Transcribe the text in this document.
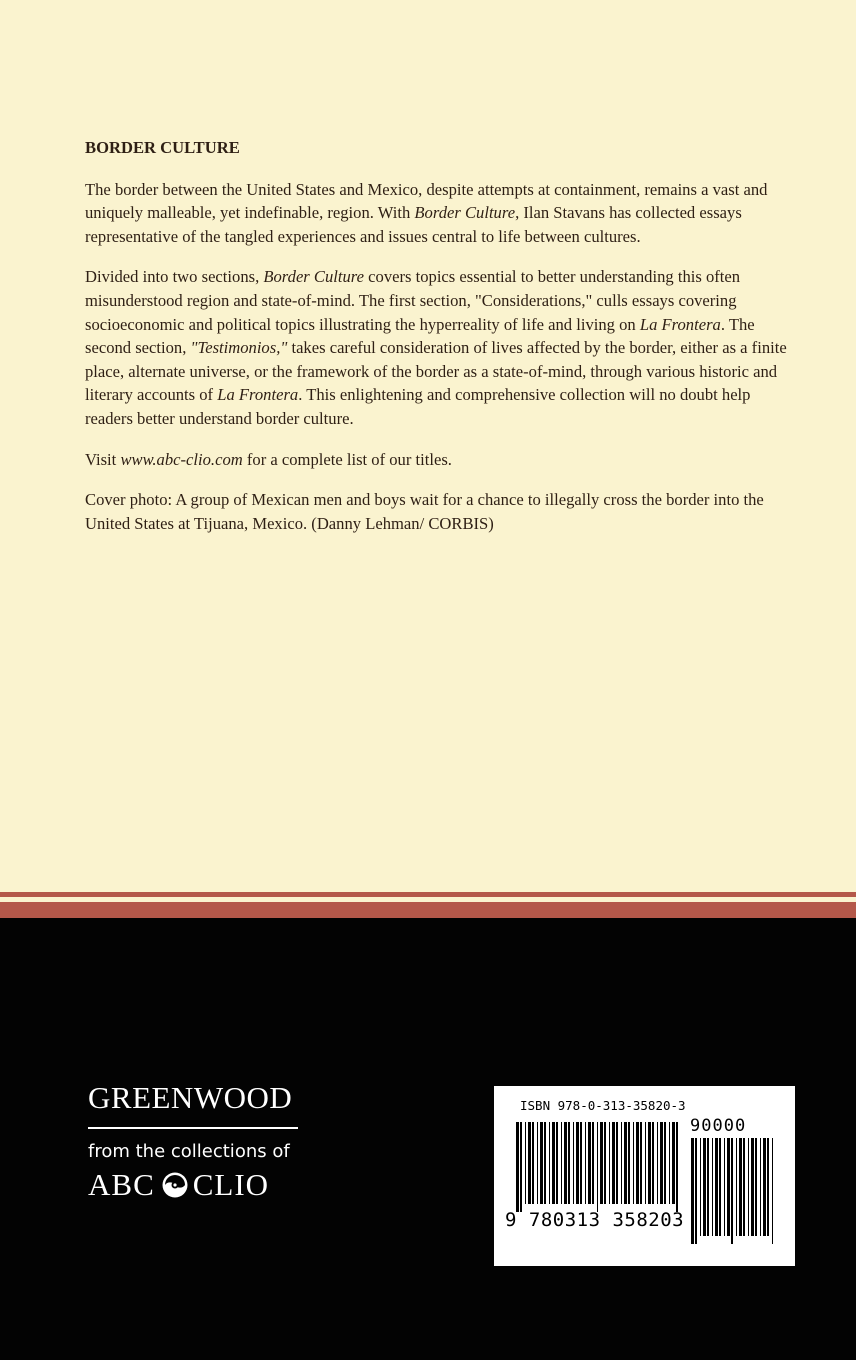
BORDER CULTURE

The border between the United States and Mexico, despite attempts at containment, remains a vast and uniquely malleable, yet indefinable, region. With Border Culture, Ilan Stavans has collected essays representative of the tangled experiences and issues central to life between cultures.

Divided into two sections, Border Culture covers topics essential to better understanding this often misunderstood region and state-of-mind. The first section, "Considerations," culls essays covering socioeconomic and political topics illustrating the hyperreality of life and living on La Frontera. The second section, "Testimonios," takes careful consideration of lives affected by the border, either as a finite place, alternate universe, or the framework of the border as a state-of-mind, through various historic and literary accounts of La Frontera. This enlightening and comprehensive collection will no doubt help readers better understand border culture.

Visit www.abc-clio.com for a complete list of our titles.

Cover photo: A group of Mexican men and boys wait for a chance to illegally cross the border into the United States at Tijuana, Mexico. (Danny Lehman/ CORBIS)

GREENWOOD
from the collections of
ABC CLIO
ISBN 978-0-313-35820-3
90000
9 780313 358203
